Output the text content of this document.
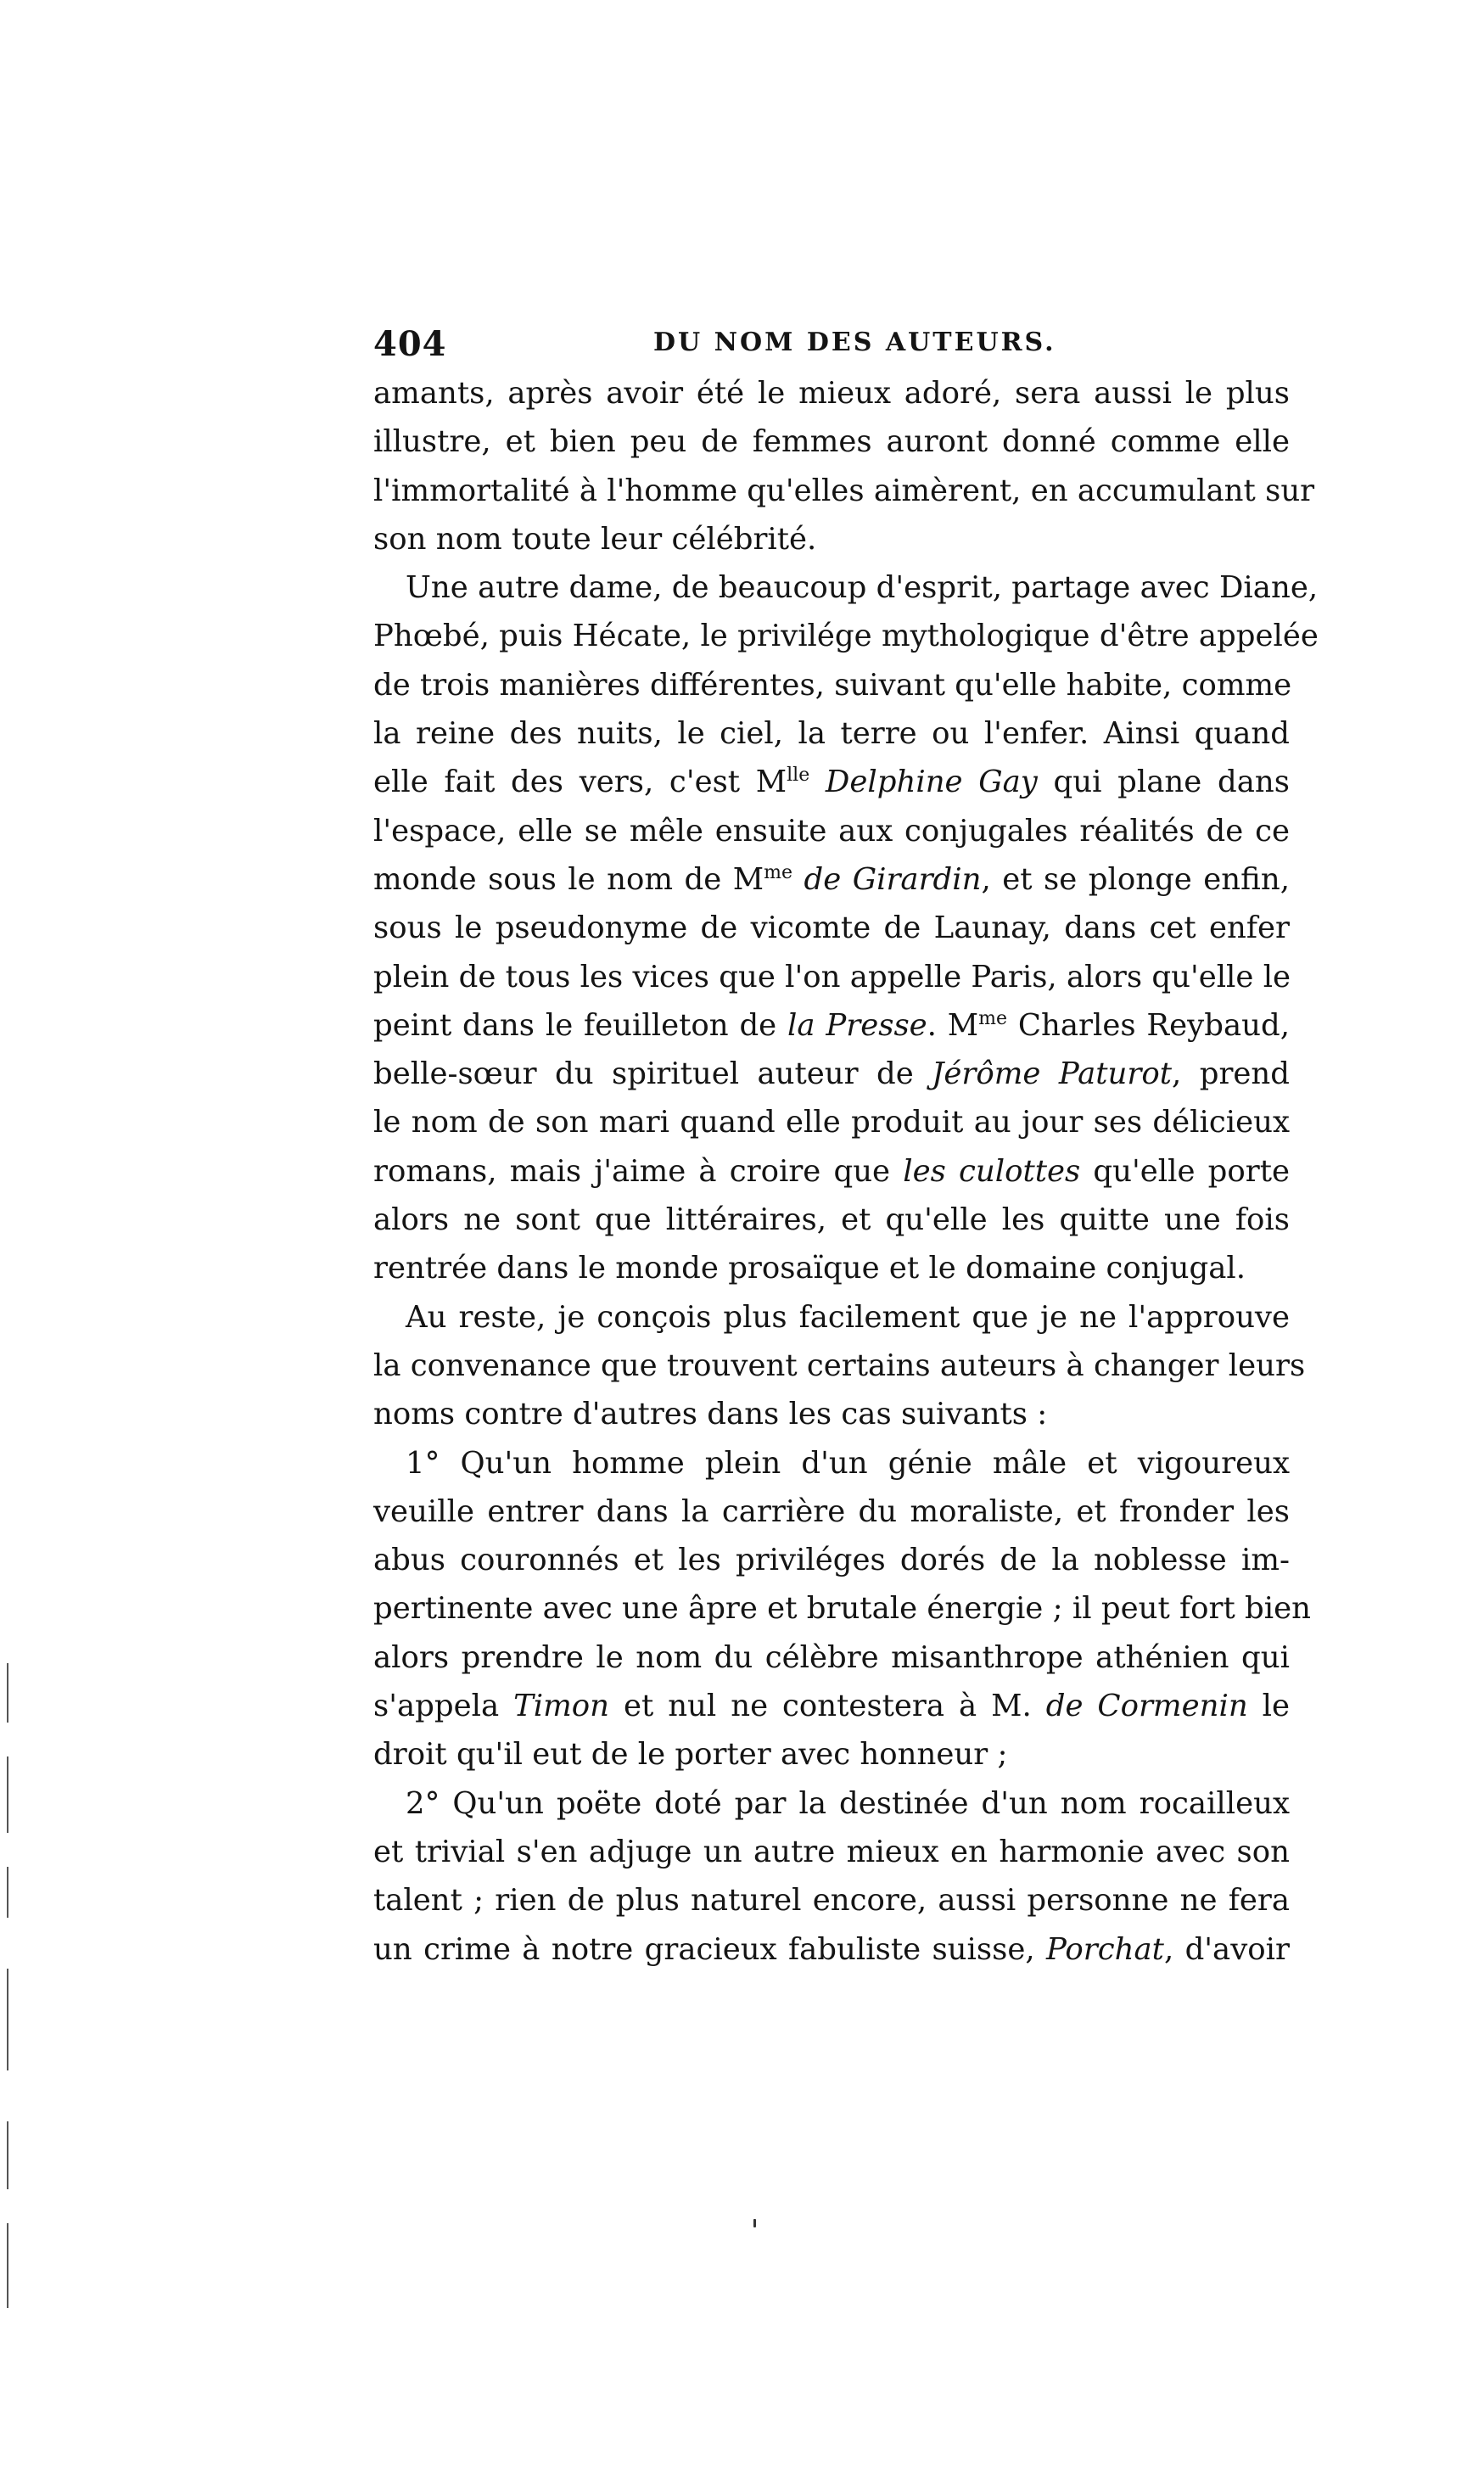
404	DU NOM DES AUTEURS.
amants, après avoir été le mieux adoré, sera aussi le plus
illustre, et bien peu de femmes auront donné comme elle
l'immortalité à l'homme qu'elles aimèrent, en accumulant sur
son nom toute leur célébrité.
Une autre dame, de beaucoup d'esprit, partage avec Diane,
Phœbé, puis Hécate, le privilége mythologique d'être appelée
de trois manières différentes, suivant qu'elle habite, comme
la reine des nuits, le ciel, la terre ou l'enfer. Ainsi quand
elle fait des vers, c'est $M^{lle}$ Delphine Gay qui plane dans
l'espace, elle se mêle ensuite aux conjugales réalités de ce
monde sous le nom de $M^{me}$ de Girardin, et se plonge enfin,
sous le pseudonyme de vicomte de Launay, dans cet enfer
plein de tous les vices que l'on appelle Paris, alors qu'elle le
peint dans le feuilleton de la Presse. $M^{me}$ Charles Reybaud,
belle-sœur du spirituel auteur de Jérôme Paturot, prend
le nom de son mari quand elle produit au jour ses délicieux
romans, mais j'aime à croire que les culottes qu'elle porte
alors ne sont que littéraires, et qu'elle les quitte une fois
rentrée dans le monde prosaïque et le domaine conjugal.
Au reste, je conçois plus facilement que je ne l'approuve
la convenance que trouvent certains auteurs à changer leurs
noms contre d'autres dans les cas suivants :
1° Qu'un homme plein d'un génie mâle et vigoureux
veuille entrer dans la carrière du moraliste, et fronder les
abus couronnés et les priviléges dorés de la noblesse im-
pertinente avec une âpre et brutale énergie ; il peut fort bien
alors prendre le nom du célèbre misanthrope athénien qui
s'appela Timon et nul ne contestera à M. de Cormenin le
droit qu'il eut de le porter avec honneur ;
2° Qu'un poëte doté par la destinée d'un nom rocailleux
et trivial s'en adjuge un autre mieux en harmonie avec son
talent ; rien de plus naturel encore, aussi personne ne fera
un crime à notre gracieux fabuliste suisse, Porchat, d'avoir
